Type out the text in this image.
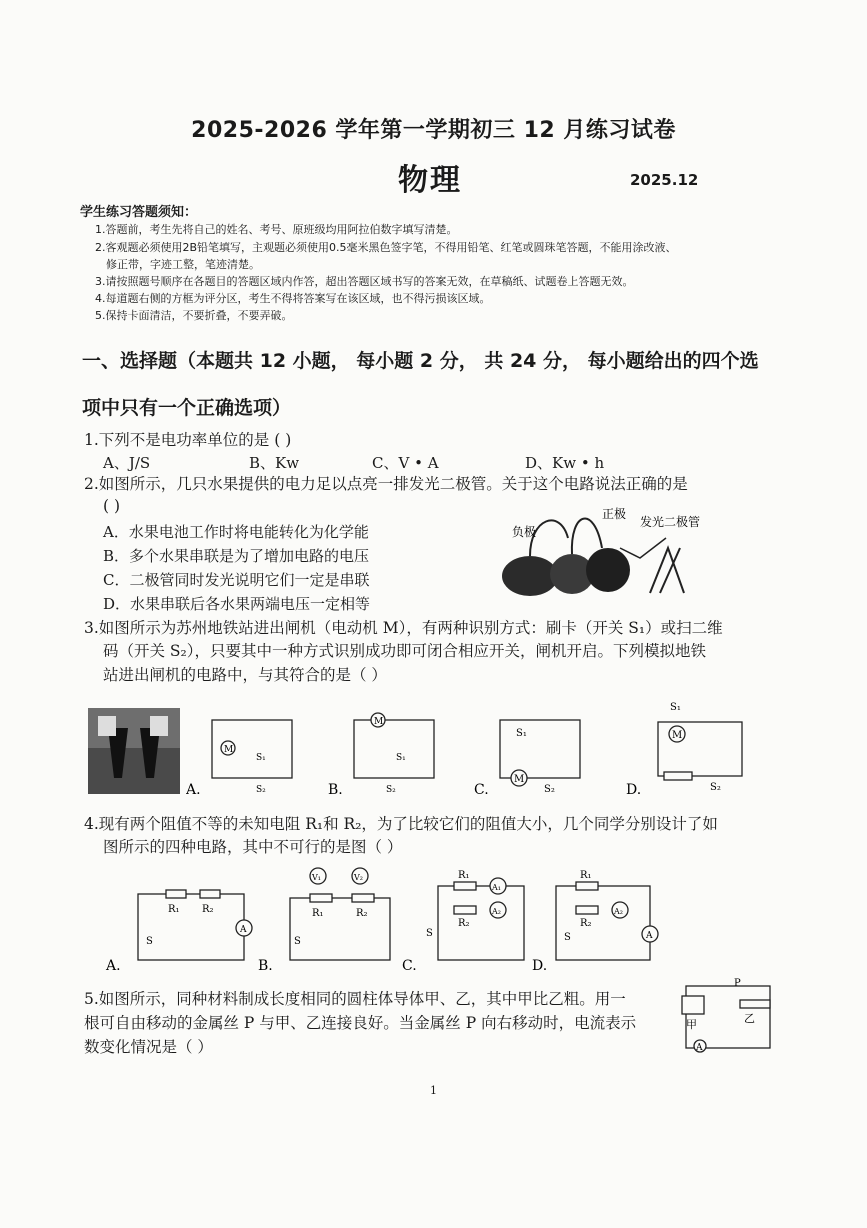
2025-2026 学年第一学期初三 12 月练习试卷
物理	2025.12
学生练习答题须知：
1.答题前，考生先将自己的姓名、考号、原班级均用阿拉伯数字填写清楚。
2.客观题必须使用2B铅笔填写，主观题必须使用0.5毫米黑色签字笔，不得用铅笔、红笔或圆珠笔答题，不能用涂改液、
修正带，字迹工整，笔迹清楚。
3.请按照题号顺序在各题目的答题区域内作答，超出答题区域书写的答案无效，在草稿纸、试题卷上答题无效。
4.每道题右侧的方框为评分区，考生不得将答案写在该区域，也不得污损该区域。
5.保持卡面清洁，不要折叠，不要弄破。
一、选择题（本题共 12 小题， 每小题 2 分， 共 24 分， 每小题给出的四个选
项中只有一个正确选项）
1.下列不是电功率单位的是 ( )
A、J/S	B、Kw	C、V • A	D、Kw • h
2.如图所示，几只水果提供的电力足以点亮一排发光二极管。关于这个电路说法正确的是
( )
A．水果电池工作时将电能转化为化学能
B．多个水果串联是为了增加电路的电压
C．二极管同时发光说明它们一定是串联
D．水果串联后各水果两端电压一定相等
负极
正极
发光二极管
3.如图所示为苏州地铁站进出闸机（电动机 M），有两种识别方式：刷卡（开关 S₁）或扫二维
码（开关 S₂），只要其中一种方式识别成功即可闭合相应开关，闸机开启。下列模拟地铁
站进出闸机的电路中，与其符合的是（ ）
A.	B.	C.	D.
M
M
M
M
S₁
S₂
S₁
S₂
S₁
S₂
S₁
S₂
4.现有两个阻值不等的未知电阻 R₁和 R₂，为了比较它们的阻值大小，几个同学分别设计了如
图所示的四种电路，其中不可行的是图（ ）
A.	B.	C.	D.
R₁ R₂
A
R₁	R₂
V₁	V₂	R₁
R₂
A₁
A₂
R₁
R₂
A₂
A
S	S
S	S
5.如图所示，同种材料制成长度相同的圆柱体导体甲、乙，其中甲比乙粗。用一
根可自由移动的金属丝 P 与甲、乙连接良好。当金属丝 P 向右移动时，电流表示
数变化情况是（ ）
P
甲	乙
A
1
